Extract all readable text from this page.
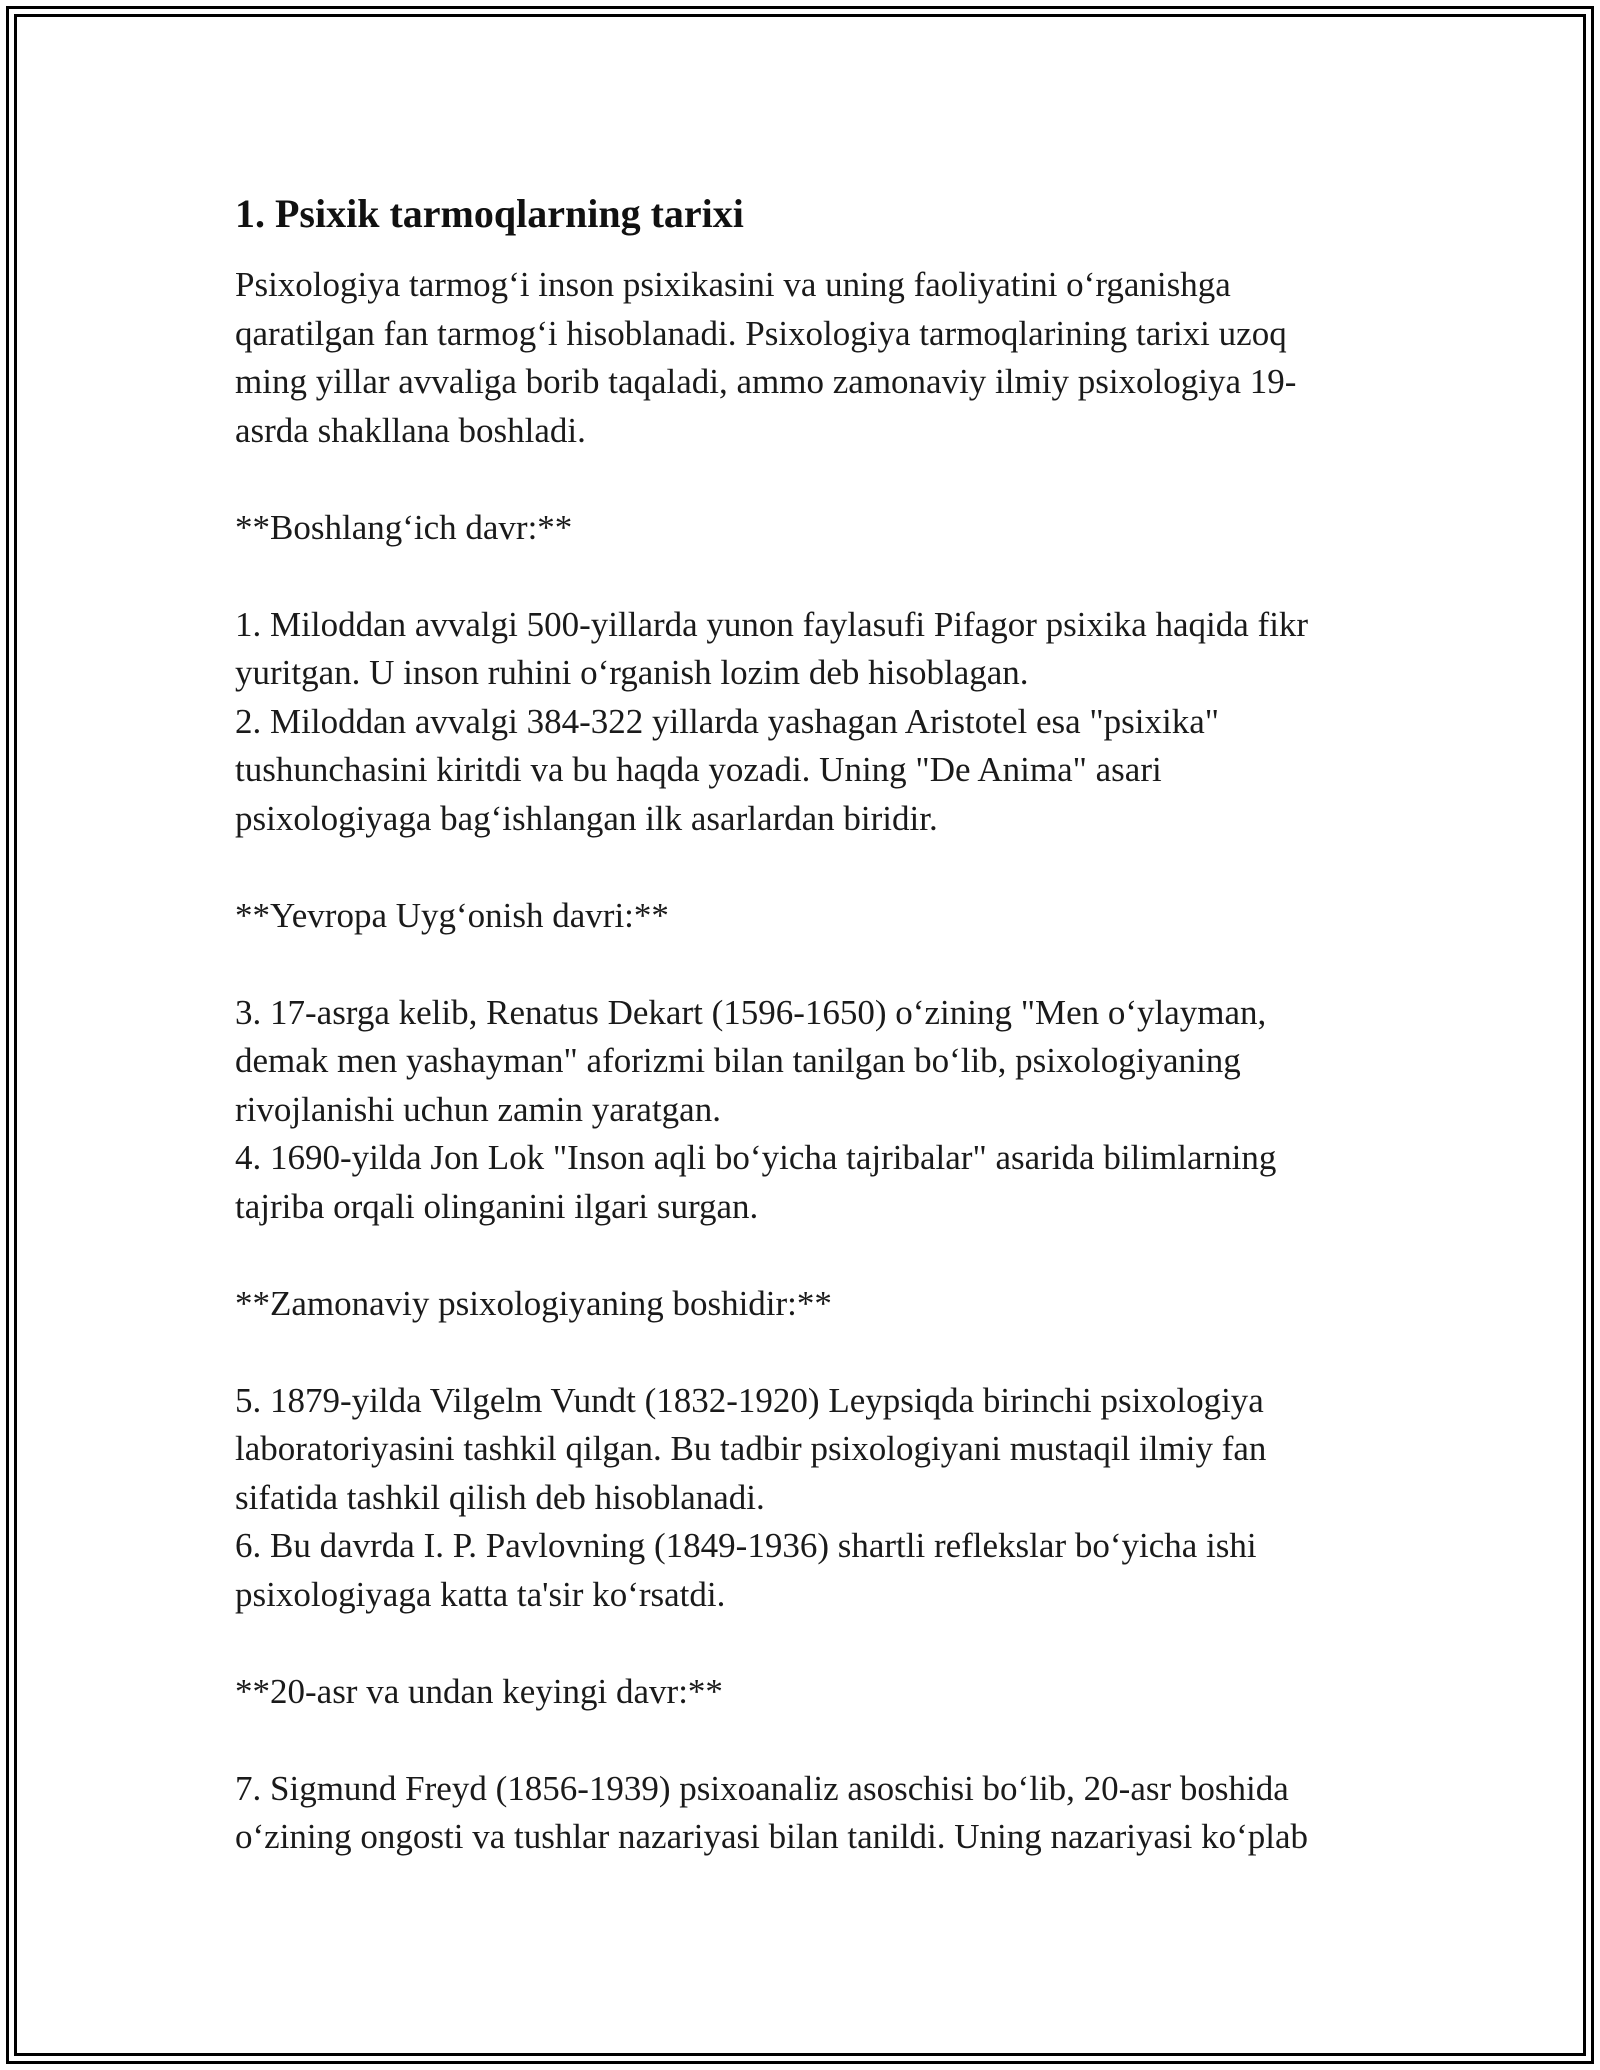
1. Psixik tarmoqlarning tarixi

Psixologiya tarmog‘i inson psixikasini va uning faoliyatini o‘rganishga
qaratilgan fan tarmog‘i hisoblanadi. Psixologiya tarmoqlarining tarixi uzoq
ming yillar avvaliga borib taqaladi, ammo zamonaviy ilmiy psixologiya 19-
asrda shakllana boshladi.

**Boshlang‘ich davr:**

1. Miloddan avvalgi 500-yillarda yunon faylasufi Pifagor psixika haqida fikr
yuritgan. U inson ruhini o‘rganish lozim deb hisoblagan.

2. Miloddan avvalgi 384-322 yillarda yashagan Aristotel esa "psixika"
tushunchasini kiritdi va bu haqda yozadi. Uning "De Anima" asari
psixologiyaga bag‘ishlangan ilk asarlardan biridir.

**Yevropa Uyg‘onish davri:**

3. 17-asrga kelib, Renatus Dekart (1596-1650) o‘zining "Men o‘ylayman,
demak men yashayman" aforizmi bilan tanilgan bo‘lib, psixologiyaning
rivojlanishi uchun zamin yaratgan.

4. 1690-yilda Jon Lok "Inson aqli bo‘yicha tajribalar" asarida bilimlarning
tajriba orqali olinganini ilgari surgan.

**Zamonaviy psixologiyaning boshidir:**

5. 1879-yilda Vilgelm Vundt (1832-1920) Leypsiqda birinchi psixologiya
laboratoriyasini tashkil qilgan. Bu tadbir psixologiyani mustaqil ilmiy fan
sifatida tashkil qilish deb hisoblanadi.

6. Bu davrda I. P. Pavlovning (1849-1936) shartli reflekslar bo‘yicha ishi
psixologiyaga katta ta'sir ko‘rsatdi.

**20-asr va undan keyingi davr:**

7. Sigmund Freyd (1856-1939) psixoanaliz asoschisi bo‘lib, 20-asr boshida
o‘zining ongosti va tushlar nazariyasi bilan tanildi. Uning nazariyasi ko‘plab
